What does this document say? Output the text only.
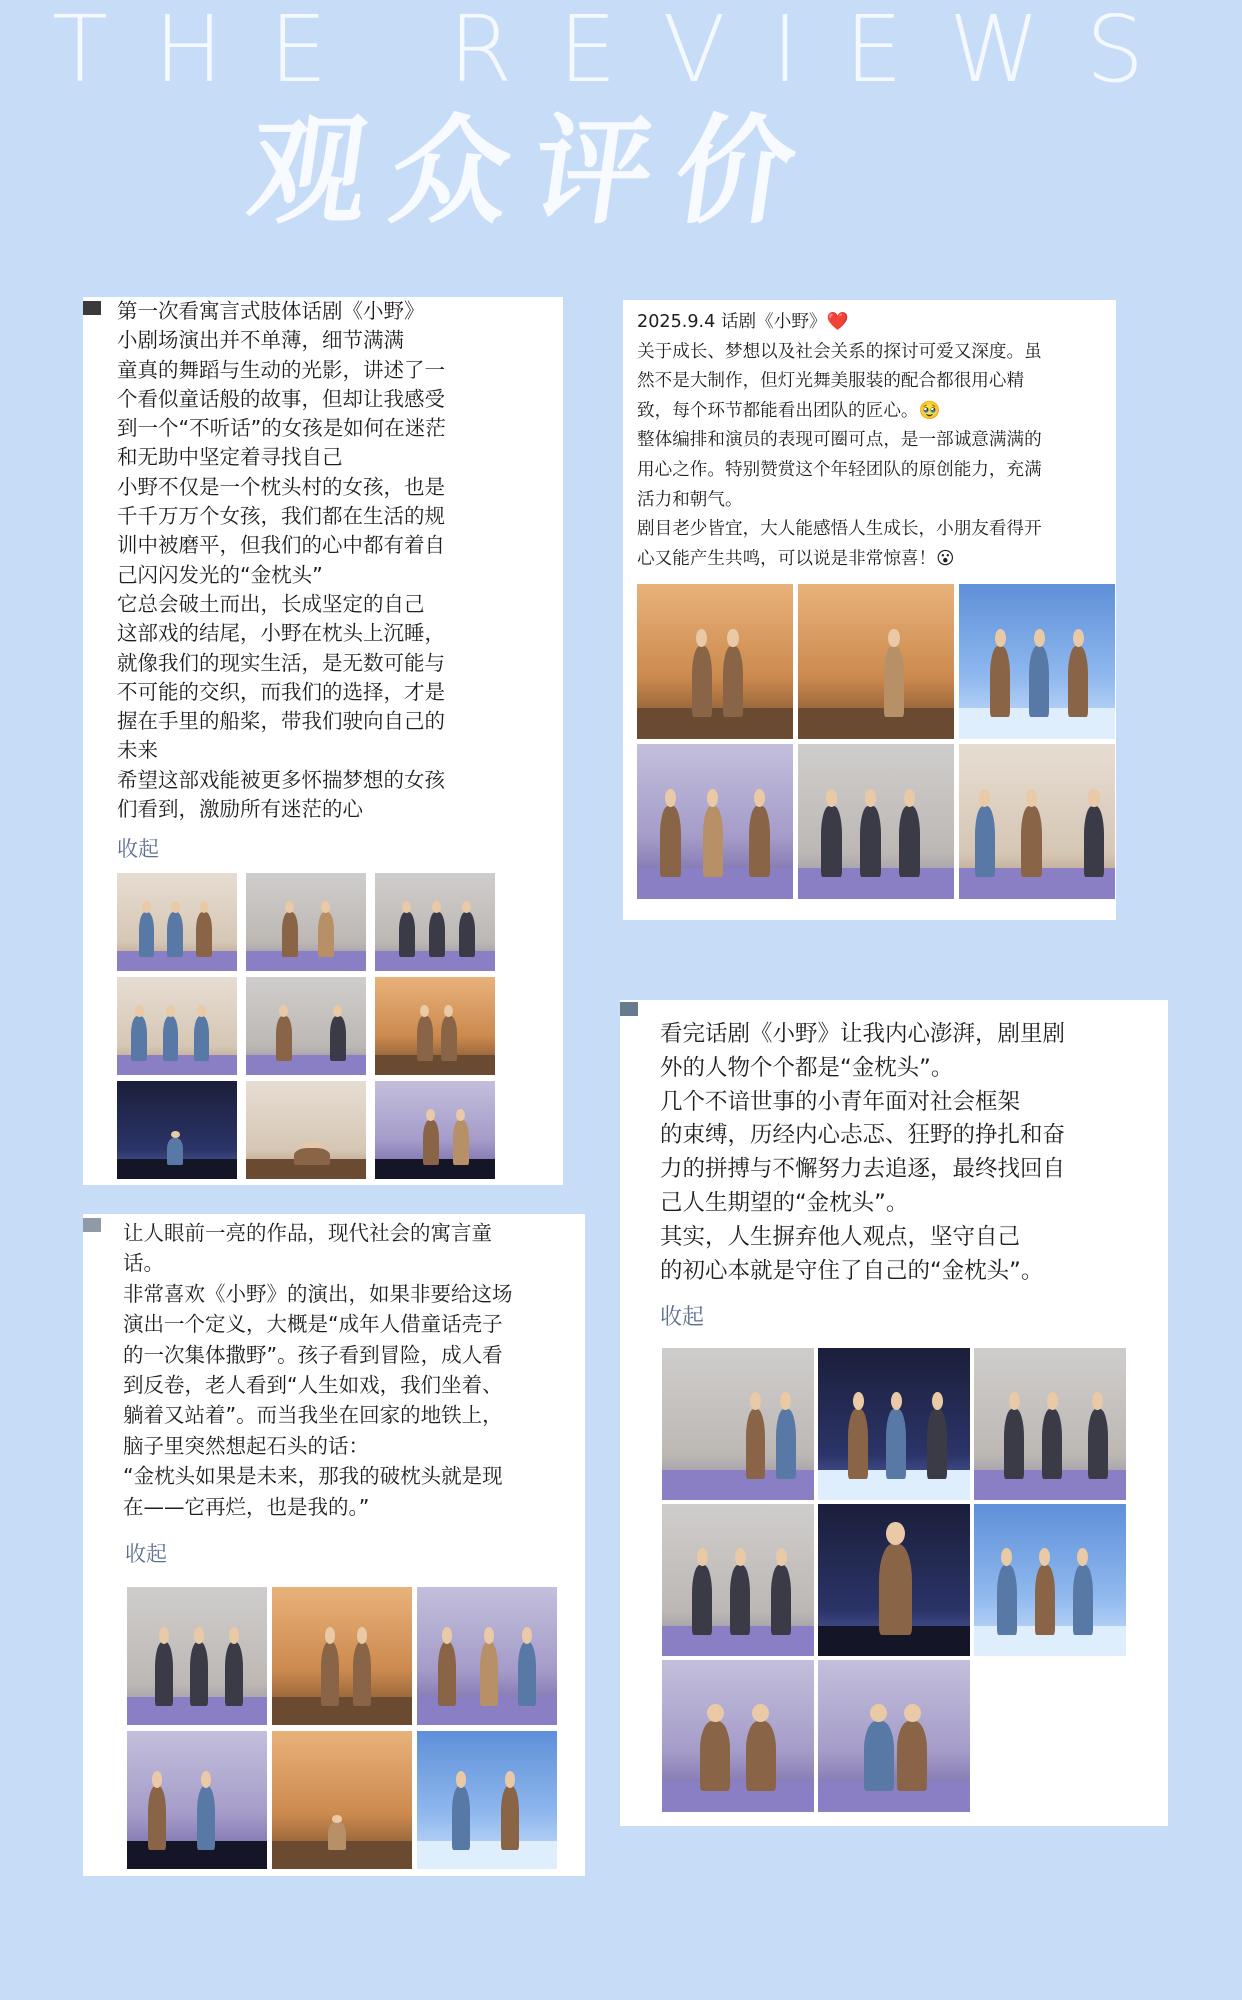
THE REVIEWS
观众评价
第一次看寓言式肢体话剧《小野》
小剧场演出并不单薄，细节满满
童真的舞蹈与生动的光影，讲述了一
个看似童话般的故事，但却让我感受
到一个“不听话”的女孩是如何在迷茫
和无助中坚定着寻找自己
小野不仅是一个枕头村的女孩，也是
千千万万个女孩，我们都在生活的规
训中被磨平，但我们的心中都有着自
己闪闪发光的“金枕头”
它总会破土而出，长成坚定的自己
这部戏的结尾，小野在枕头上沉睡，
就像我们的现实生活，是无数可能与
不可能的交织，而我们的选择，才是
握在手里的船桨，带我们驶向自己的
未来
希望这部戏能被更多怀揣梦想的女孩
们看到，激励所有迷茫的心
收起
2025.9.4 话剧《小野》❤️
关于成长、梦想以及社会关系的探讨可爱又深度。虽
然不是大制作，但灯光舞美服装的配合都很用心精
致，每个环节都能看出团队的匠心。🥹
整体编排和演员的表现可圈可点，是一部诚意满满的
用心之作。特别赞赏这个年轻团队的原创能力，充满
活力和朝气。
剧目老少皆宜，大人能感悟人生成长，小朋友看得开
心又能产生共鸣，可以说是非常惊喜！😮
让人眼前一亮的作品，现代社会的寓言童
话。
非常喜欢《小野》的演出，如果非要给这场
演出一个定义，大概是“成年人借童话壳子
的一次集体撒野”。孩子看到冒险，成人看
到反卷，老人看到“人生如戏，我们坐着、
躺着又站着”。而当我坐在回家的地铁上，
脑子里突然想起石头的话：
“金枕头如果是未来，那我的破枕头就是现
在——它再烂，也是我的。”
收起
看完话剧《小野》让我内心澎湃，剧里剧
外的人物个个都是“金枕头”。
几个不谙世事的小青年面对社会框架
的束缚，历经内心忐忑、狂野的挣扎和奋
力的拼搏与不懈努力去追逐，最终找回自
己人生期望的“金枕头”。
其实，人生摒弃他人观点，坚守自己
的初心本就是守住了自己的“金枕头”。
收起
